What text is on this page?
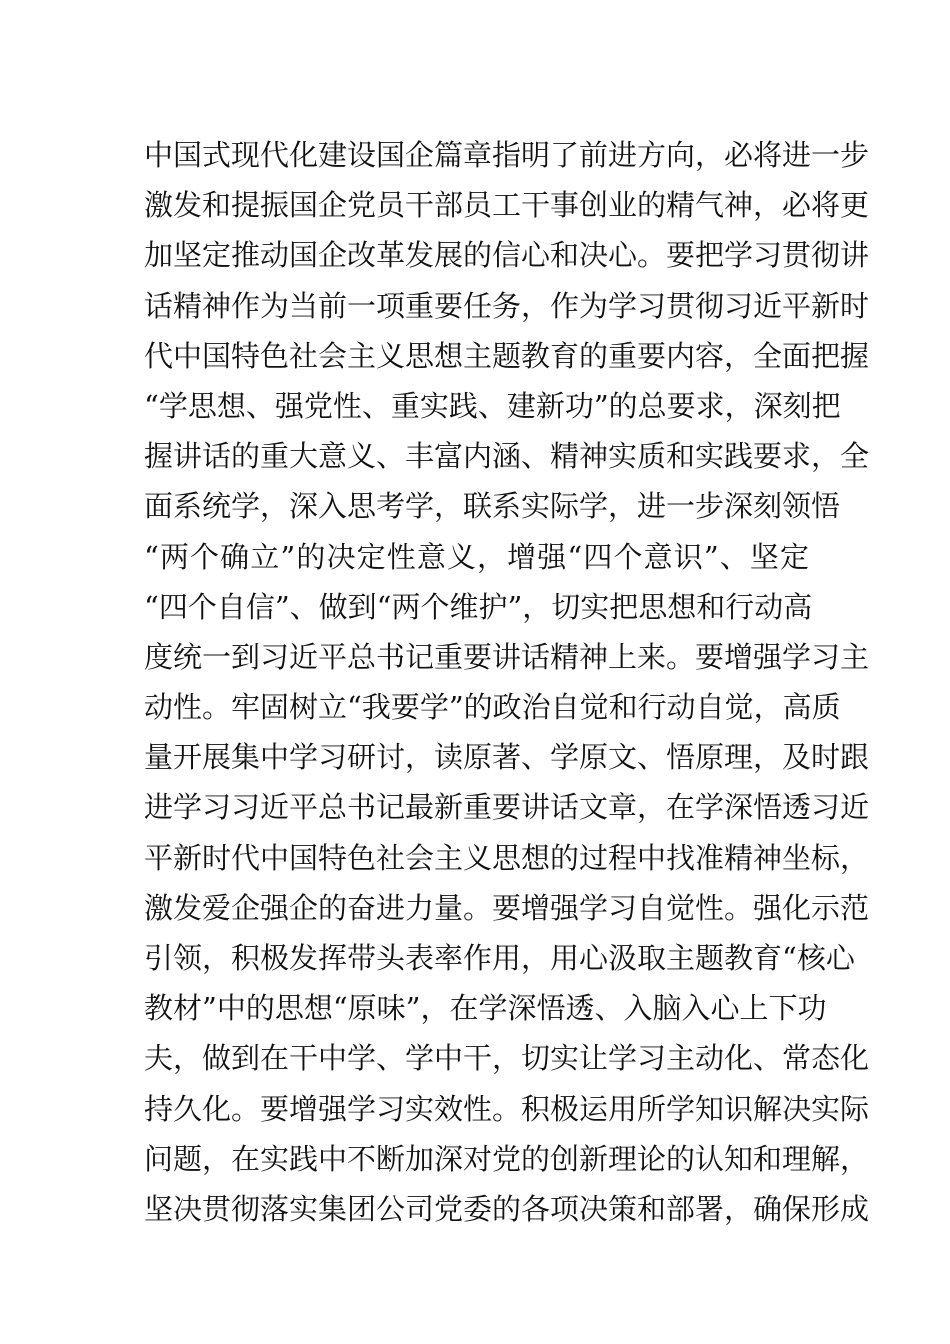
中国式现代化建设国企篇章指明了前进方向，必将进一步
激发和提振国企党员干部员工干事创业的精气神，必将更
加坚定推动国企改革发展的信心和决心。要把学习贯彻讲
话精神作为当前一项重要任务，作为学习贯彻习近平新时
代中国特色社会主义思想主题教育的重要内容，全面把握
“学思想、强党性、重实践、建新功”的总要求，深刻把
握讲话的重大意义、丰富内涵、精神实质和实践要求，全
面系统学，深入思考学，联系实际学，进一步深刻领悟
“两个确立”的决定性意义，增强“四个意识”、坚定
“四个自信”、做到“两个维护”，切实把思想和行动高
度统一到习近平总书记重要讲话精神上来。要增强学习主
动性。牢固树立“我要学”的政治自觉和行动自觉，高质
量开展集中学习研讨，读原著、学原文、悟原理，及时跟
进学习习近平总书记最新重要讲话文章，在学深悟透习近
平新时代中国特色社会主义思想的过程中找准精神坐标，
激发爱企强企的奋进力量。要增强学习自觉性。强化示范
引领，积极发挥带头表率作用，用心汲取主题教育“核心
教材”中的思想“原味”，在学深悟透、入脑入心上下功
夫，做到在干中学、学中干，切实让学习主动化、常态化
持久化。要增强学习实效性。积极运用所学知识解决实际
问题，在实践中不断加深对党的创新理论的认知和理解，
坚决贯彻落实集团公司党委的各项决策和部署，确保形成
